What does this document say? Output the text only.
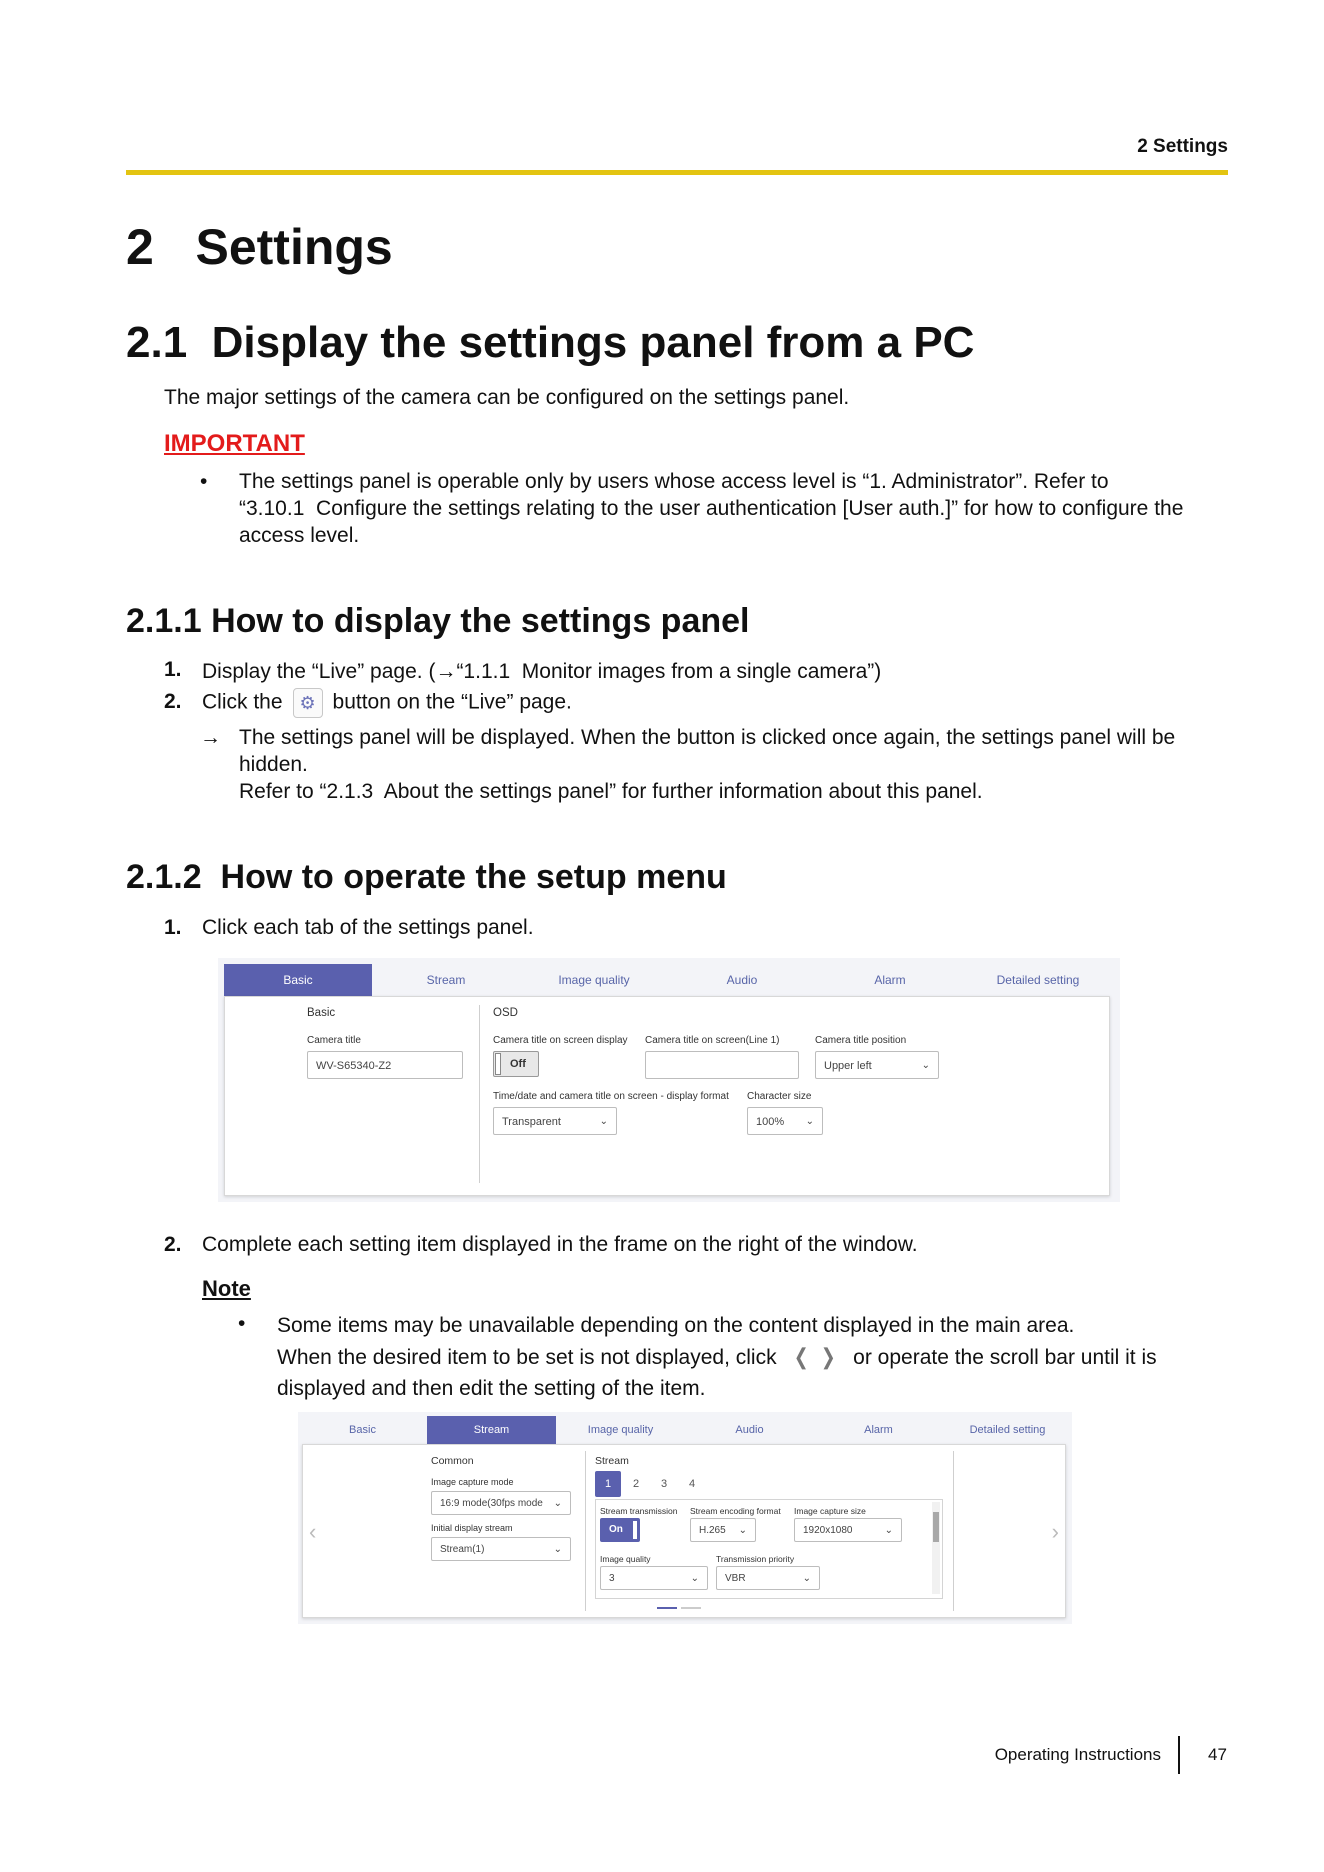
2 Settings
2   Settings
2.1  Display the settings panel from a PC
The major settings of the camera can be configured on the settings panel.
IMPORTANT
• The settings panel is operable only by users whose access level is “1. Administrator”. Refer to
“3.10.1  Configure the settings relating to the user authentication [User auth.]” for how to configure the
access level.
2.1.1 How to display the settings panel
1. Display the “Live” page. (→“1.1.1  Monitor images from a single camera”)
2. Click the ⚙ button on the “Live” page.
→ The settings panel will be displayed. When the button is clicked once again, the settings panel will be
hidden.
Refer to “2.1.3  About the settings panel” for further information about this panel.
2.1.2  How to operate the setup menu
1. Click each tab of the settings panel.
Basic	Stream	Image quality	Audio	Alarm	Detailed setting
Basic
Camera title
WV-S65340-Z2
OSD
Camera title on screen display
Off
Camera title on screen(Line 1)	Camera title position
Upper left	⌄
Time/date and camera title on screen - display format
Transparent	⌄
Character size
100% ⌄
2. Complete each setting item displayed in the frame on the right of the window.
Note
• Some items may be unavailable depending on the content displayed in the main area.
When the desired item to be set is not displayed, click ❮ ❯ or operate the scroll bar until it is
displayed and then edit the setting of the item.
Basic	Stream	Image quality	Audio	Alarm	Detailed setting
‹	›
Common
Image capture mode
16:9 mode(30fps mode ⌄
Initial display stream
Stream(1)	⌄
Stream
1	2	3	4
Stream transmission
On
Stream encoding format
H.265 ⌄
Image capture size
1920x1080	⌄
Image quality
3	⌄
Transmission priority
VBR	⌄
Operating Instructions	47
